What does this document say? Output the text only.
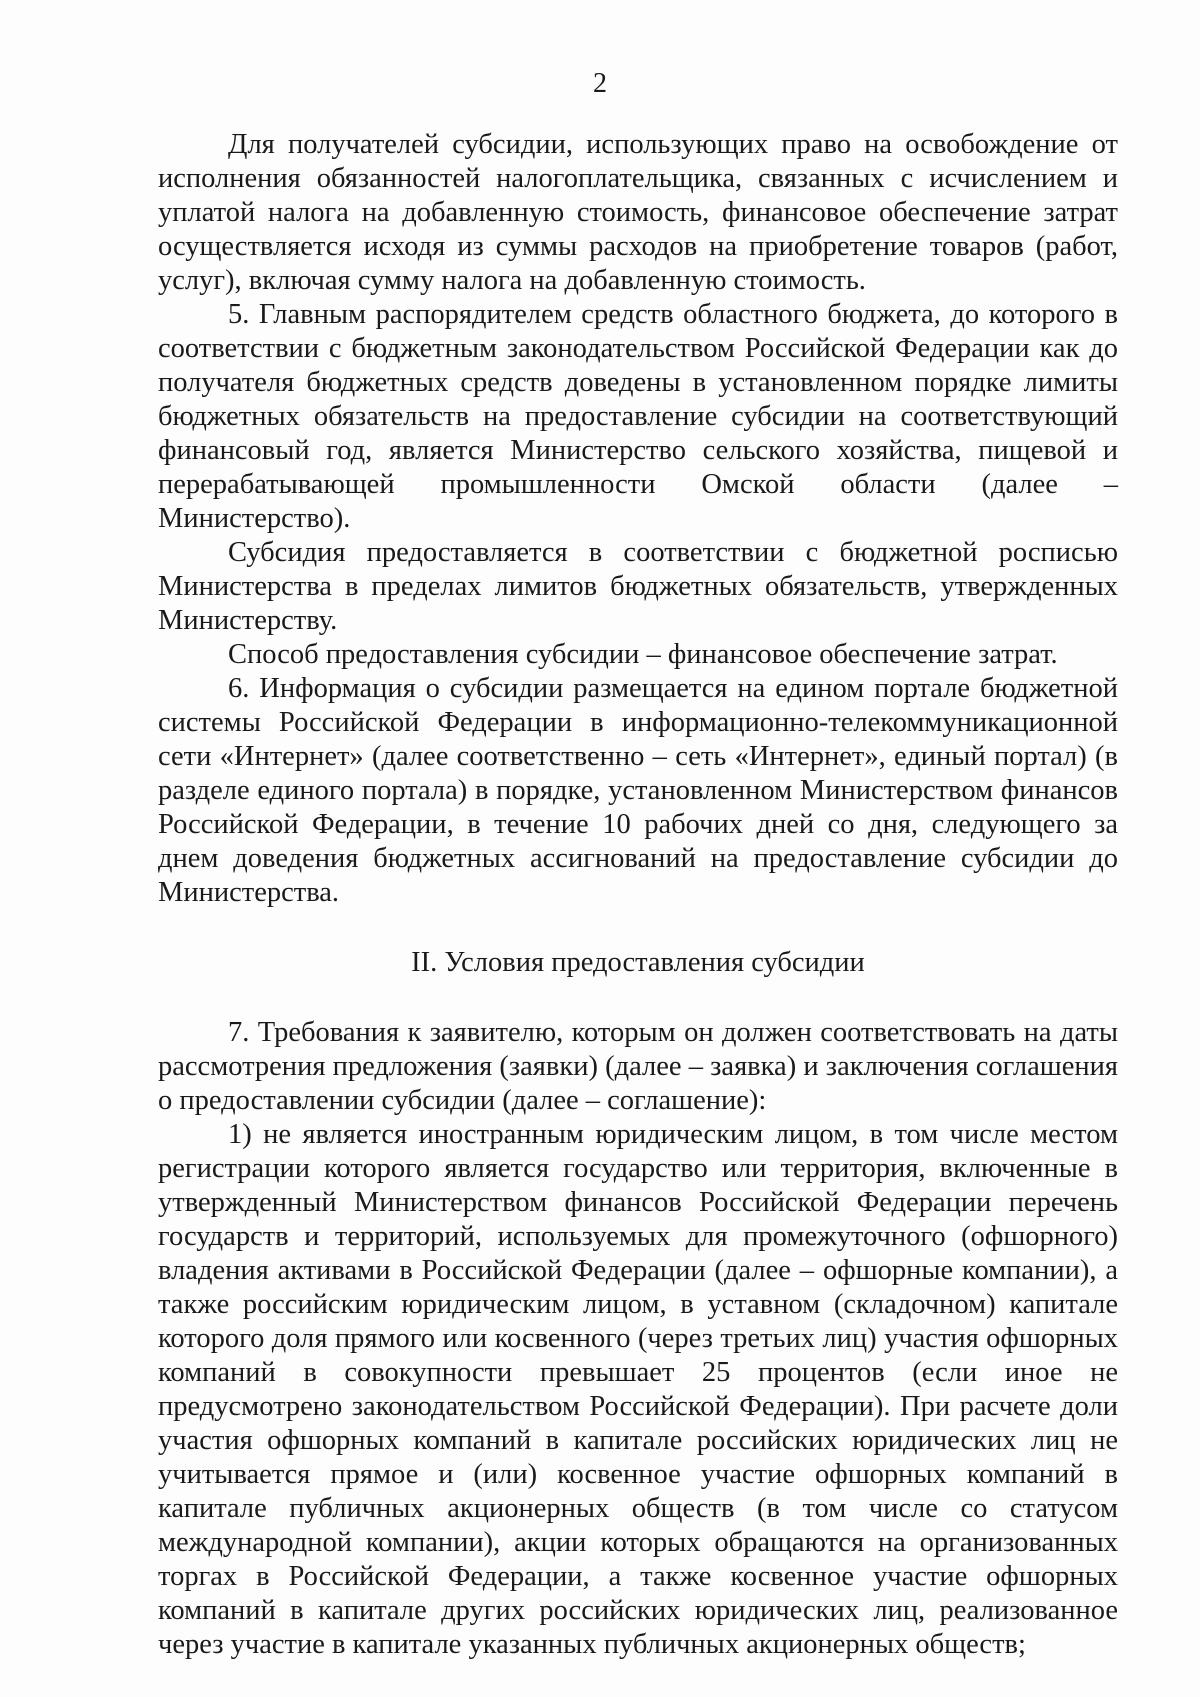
2

Для получателей субсидии, использующих право на освобождение от исполнения обязанностей налогоплательщика, связанных с исчислением и уплатой налога на добавленную стоимость, финансовое обеспечение затрат осуществляется исходя из суммы расходов на приобретение товаров (работ, услуг), включая сумму налога на добавленную стоимость.

5. Главным распорядителем средств областного бюджета, до которого в соответствии с бюджетным законодательством Российской Федерации как до получателя бюджетных средств доведены в установленном порядке лимиты бюджетных обязательств на предоставление субсидии на соответствующий финансовый год, является Министерство сельского хозяйства, пищевой и перерабатывающей промышленности Омской области (далее – Министерство).

Субсидия предоставляется в соответствии с бюджетной росписью Министерства в пределах лимитов бюджетных обязательств, утвержденных Министерству.

Способ предоставления субсидии – финансовое обеспечение затрат.

6. Информация о субсидии размещается на едином портале бюджетной системы Российской Федерации в информационно-телекоммуникационной сети «Интернет» (далее соответственно – сеть «Интернет», единый портал) (в разделе единого портала) в порядке, установленном Министерством финансов Российской Федерации, в течение 10 рабочих дней со дня, следующего за днем доведения бюджетных ассигнований на предоставление субсидии до Министерства.

II. Условия предоставления субсидии

7. Требования к заявителю, которым он должен соответствовать на даты рассмотрения предложения (заявки) (далее – заявка) и заключения соглашения о предоставлении субсидии (далее – соглашение):

1) не является иностранным юридическим лицом, в том числе местом регистрации которого является государство или территория, включенные в утвержденный Министерством финансов Российской Федерации перечень государств и территорий, используемых для промежуточного (офшорного) владения активами в Российской Федерации (далее – офшорные компании), а также российским юридическим лицом, в уставном (складочном) капитале которого доля прямого или косвенного (через третьих лиц) участия офшорных компаний в совокупности превышает 25 процентов (если иное не предусмотрено законодательством Российской Федерации). При расчете доли участия офшорных компаний в капитале российских юридических лиц не учитывается прямое и (или) косвенное участие офшорных компаний в капитале публичных акционерных обществ (в том числе со статусом международной компании), акции которых обращаются на организованных торгах в Российской Федерации, а также косвенное участие офшорных компаний в капитале других российских юридических лиц, реализованное через участие в капитале указанных публичных акционерных обществ;
